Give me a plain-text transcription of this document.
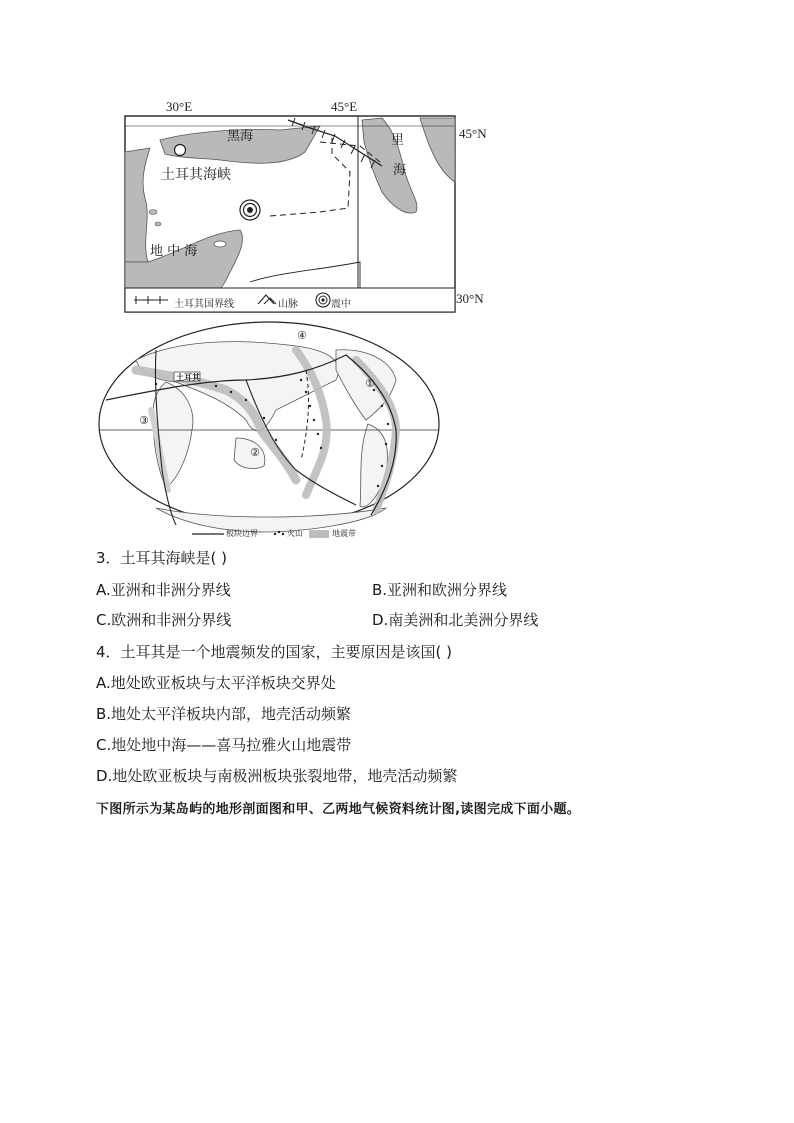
30°E	45°E
45°N
30°N
黑海	里
海
土耳其海峡
地 中 海
土耳其国界线	山脉	震中
土耳其	①
②
③
④
板块边界	火山	地震带
3．土耳其海峡是( )
A.亚洲和非洲分界线	B.亚洲和欧洲分界线
C.欧洲和非洲分界线	D.南美洲和北美洲分界线
4．土耳其是一个地震频发的国家，主要原因是该国( )
A.地处欧亚板块与太平洋板块交界处
B.地处太平洋板块内部，地壳活动频繁
C.地处地中海——喜马拉雅火山地震带
D.地处欧亚板块与南极洲板块张裂地带，地壳活动频繁
下图所示为某岛屿的地形剖面图和甲、乙两地气候资料统计图,读图完成下面小题。
